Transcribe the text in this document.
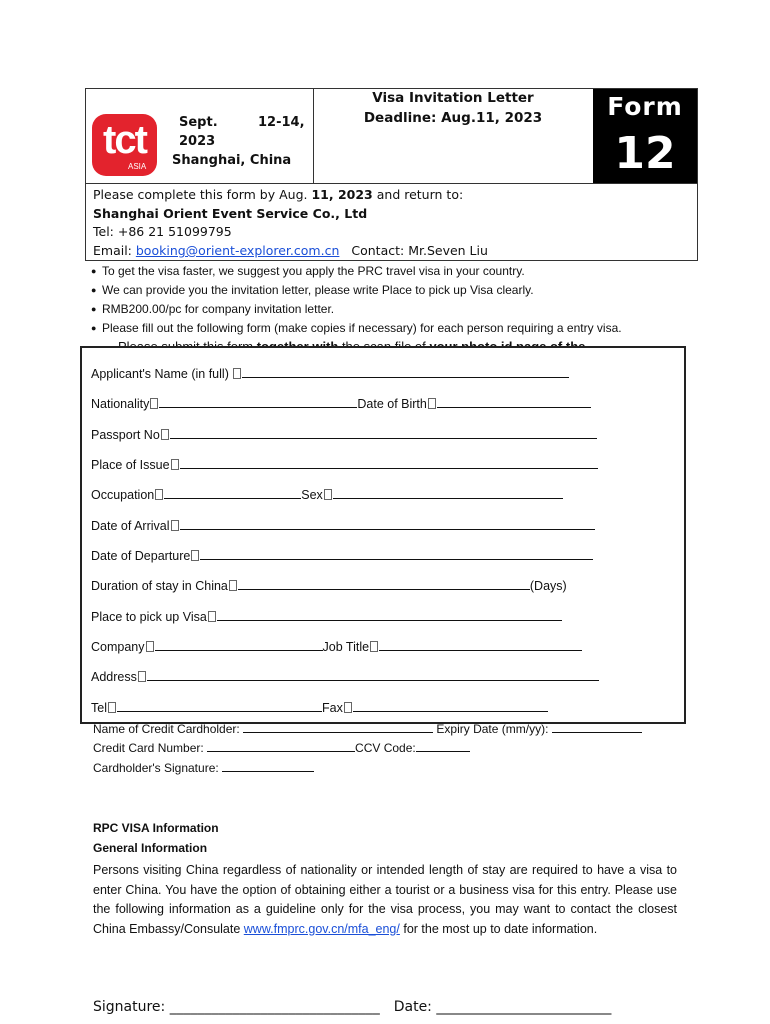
tct
ASIA
Sept.	12-14,
2023
Shanghai, China
Visa Invitation Letter
Deadline: Aug.11, 2023	Form
12
Please complete this form by Aug. 11, 2023 and return to:
Shanghai Orient Event Service Co., Ltd
Tel: +86 21 51099795
Email: booking@orient-explorer.com.cn Contact: Mr.Seven Liu
● To get the visa faster, we suggest you apply the PRC travel visa in your country.
● We can provide you the invitation letter, please write Place to pick up Visa clearly.
● RMB200.00/pc for company invitation letter.
● Please fill out the following form (make copies if necessary) for each person requiring a entry visa.
Applicant's Name (in full)
Nationality	Date of Birth
Passport No
Place of Issue
Occupation	Sex
Date of Arrival
Date of Departure
Duration of stay in China	(Days)
Place to pick up Visa
Company	Job Title
Address
Tel	Fax
Name of Credit Cardholder:	Expiry Date (mm/yy):
Credit Card Number:	CCV Code:
Cardholder's Signature:
RPC VISA Information
General Information
Persons visiting China regardless of nationality or intended length of stay are required to have a visa to enter China. You have the option of obtaining either a tourist or a business visa for this entry. Please use the following information as a guideline only for the visa process, you may want to contact the closest China Embassy/Consulate www.fmprc.gov.cn/mfa_eng/ for the most up to date information.
Signature: ______________________________ Date: _________________________
